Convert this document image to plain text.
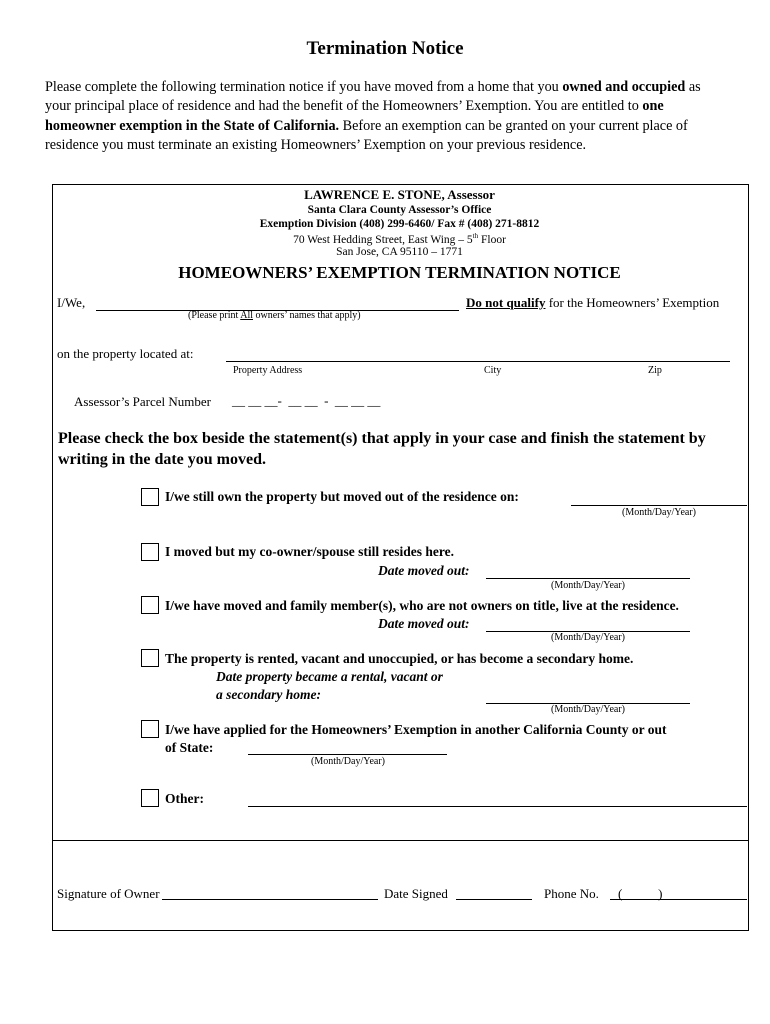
Termination Notice
Please complete the following termination notice if you have moved from a home that you owned and occupied as your principal place of residence and had the benefit of the Homeowners’ Exemption. You are entitled to one homeowner exemption in the State of California. Before an exemption can be granted on your current place of residence you must terminate an existing Homeowners’ Exemption on your previous residence.
LAWRENCE E. STONE, Assessor
Santa Clara County Assessor’s Office
Exemption Division (408) 299-6460/ Fax # (408) 271-8812
70 West Hedding Street, East Wing – 5th Floor
San Jose, CA 95110 – 1771
HOMEOWNERS’ EXEMPTION TERMINATION NOTICE
I/We,	Do not qualify for the Homeowners’ Exemption
(Please print All owners’ names that apply)
on the property located at:
Property Address	City	Zip
Assessor’s Parcel Number __ __ __-  __ __  -  __ __ __
Please check the box beside the statement(s) that apply in your case and finish the statement by writing in the date you moved.
I/we still own the property but moved out of the residence on:
(Month/Day/Year)
I moved but my co-owner/spouse still resides here.
Date moved out:
(Month/Day/Year)
I/we have moved and family member(s), who are not owners on title, live at the residence.
Date moved out:
(Month/Day/Year)
The property is rented, vacant and unoccupied, or has become a secondary home.
Date property became a rental, vacant or
a secondary home:
(Month/Day/Year)
I/we have applied for the Homeowners’ Exemption in another California County or out
of State:
(Month/Day/Year)
Other:
Signature of Owner	Date Signed	Phone No. (           )
